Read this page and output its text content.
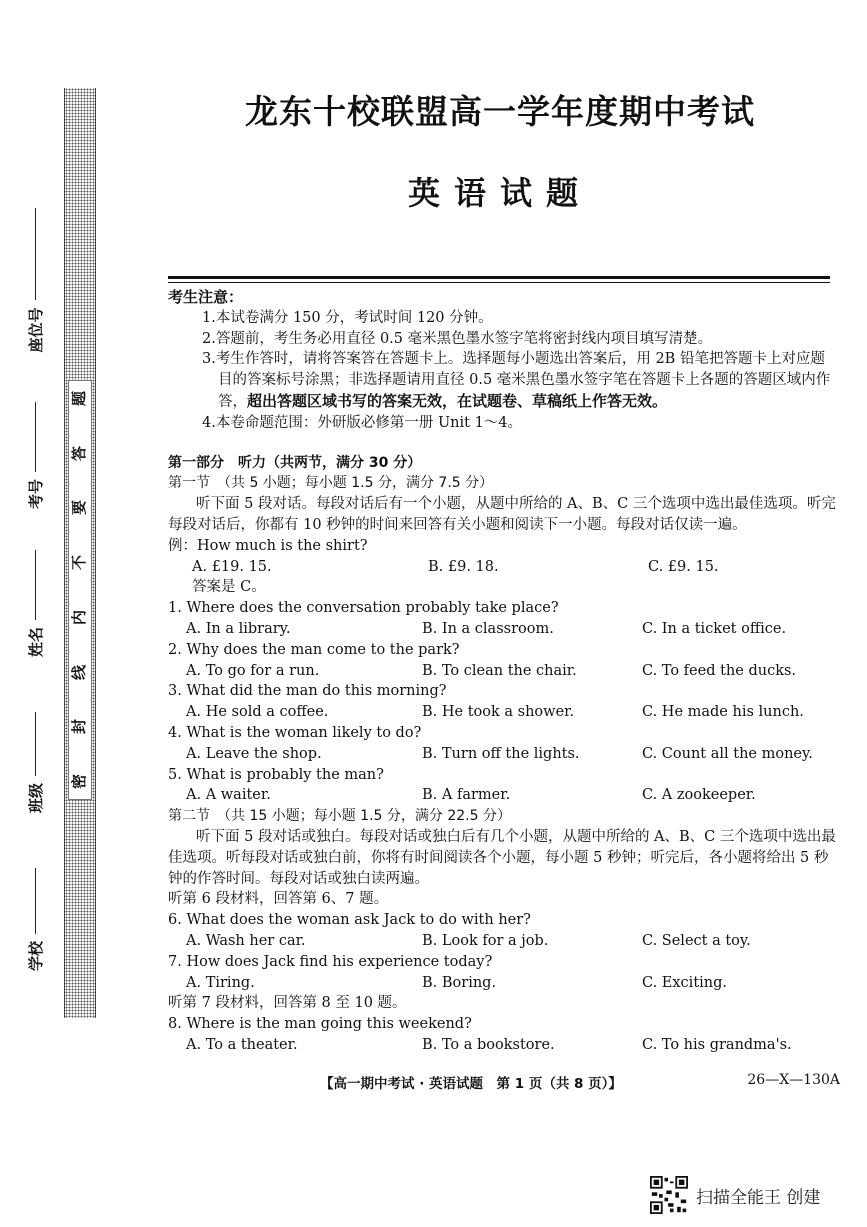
题
答
要
不
内
线
封
密
座位号
考号
姓名
班级
学校
龙东十校联盟高一学年度期中考试
英语试题
考生注意：
1.本试卷满分 150 分，考试时间 120 分钟。
2.答题前，考生务必用直径 0.5 毫米黑色墨水签字笔将密封线内项目填写清楚。
3.考生作答时，请将答案答在答题卡上。选择题每小题选出答案后，用 2B 铅笔把答题卡上对应题目的答案标号涂黑；非选择题请用直径 0.5 毫米黑色墨水签字笔在答题卡上各题的答题区域内作答，超出答题区域书写的答案无效，在试题卷、草稿纸上作答无效。
4.本卷命题范围：外研版必修第一册 Unit 1～4。
第一部分　听力（共两节，满分 30 分）
第一节　（共 5 小题；每小题 1.5 分，满分 7.5 分）
听下面 5 段对话。每段对话后有一个小题，从题中所给的 A、B、C 三个选项中选出最佳选项。听完每段对话后，你都有 10 秒钟的时间来回答有关小题和阅读下一小题。每段对话仅读一遍。
例：How much is the shirt?
A. £19. 15.	B. £9. 18.	C. £9. 15.
答案是 C。
1. Where does the conversation probably take place?
A. In a library.	B. In a classroom.	C. In a ticket office.
2. Why does the man come to the park?
A. To go for a run.	B. To clean the chair.	C. To feed the ducks.
3. What did the man do this morning?
A. He sold a coffee.	B. He took a shower.	C. He made his lunch.
4. What is the woman likely to do?
A. Leave the shop.	B. Turn off the lights.	C. Count all the money.
5. What is probably the man?
A. A waiter.	B. A farmer.	C. A zookeeper.
第二节　（共 15 小题；每小题 1.5 分，满分 22.5 分）
听下面 5 段对话或独白。每段对话或独白后有几个小题，从题中所给的 A、B、C 三个选项中选出最佳选项。听每段对话或独白前，你将有时间阅读各个小题，每小题 5 秒钟；听完后，各小题将给出 5 秒钟的作答时间。每段对话或独白读两遍。
听第 6 段材料，回答第 6、7 题。
6. What does the woman ask Jack to do with her?
A. Wash her car.	B. Look for a job.	C. Select a toy.
7. How does Jack find his experience today?
A. Tiring.	B. Boring.	C. Exciting.
听第 7 段材料，回答第 8 至 10 题。
8. Where is the man going this weekend?
A. To a theater.	B. To a bookstore.	C. To his grandma's.
【高一期中考试 · 英语试题　第 1 页（共 8 页）】	26—X—130A
扫描全能王 创建
